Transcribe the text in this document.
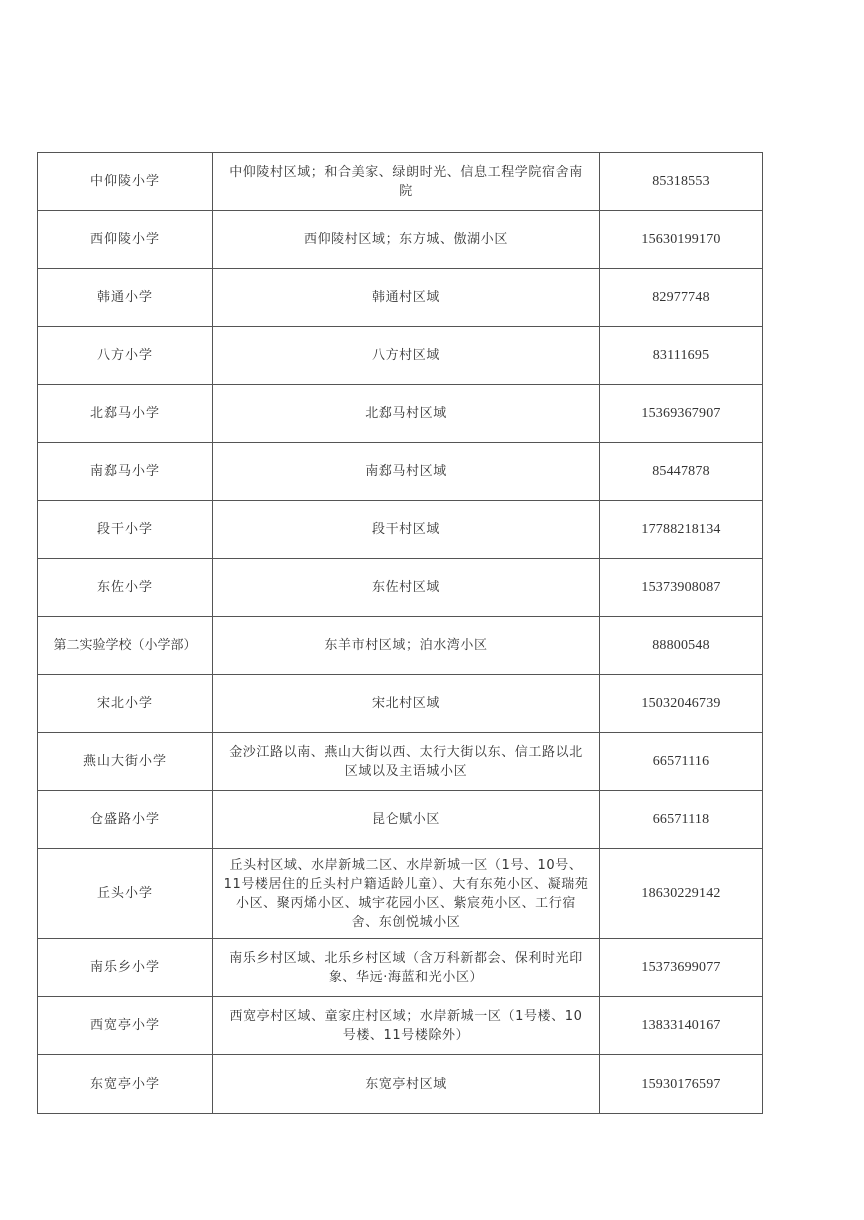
中仰陵小学	中仰陵村区域；和合美家、绿朗时光、信息工程学院宿舍南院	85318553
西仰陵小学	西仰陵村区域；东方城、傲湖小区	15630199170
韩通小学	韩通村区域	82977748
八方小学	八方村区域	83111695
北郄马小学	北郄马村区域	15369367907
南郄马小学	南郄马村区域	85447878
段干小学	段干村区域	17788218134
东佐小学	东佐村区域	15373908087
第二实验学校（小学部）	东羊市村区域；泊水湾小区	88800548
宋北小学	宋北村区域	15032046739
燕山大街小学	金沙江路以南、燕山大街以西、太行大街以东、信工路以北区域以及主语城小区	66571116
仓盛路小学	昆仑赋小区	66571118
丘头小学	丘头村区域、水岸新城二区、水岸新城一区（1号、10号、11号楼居住的丘头村户籍适龄儿童）、大有东苑小区、凝瑞苑小区、聚丙烯小区、城宇花园小区、紫宸苑小区、工行宿舍、东创悦城小区	18630229142
南乐乡小学	南乐乡村区域、北乐乡村区域（含万科新都会、保利时光印象、华远·海蓝和光小区）	15373699077
西宽亭小学	西宽亭村区域、童家庄村区域；水岸新城一区（1号楼、10号楼、11号楼除外）	13833140167
东宽亭小学	东宽亭村区域	15930176597
